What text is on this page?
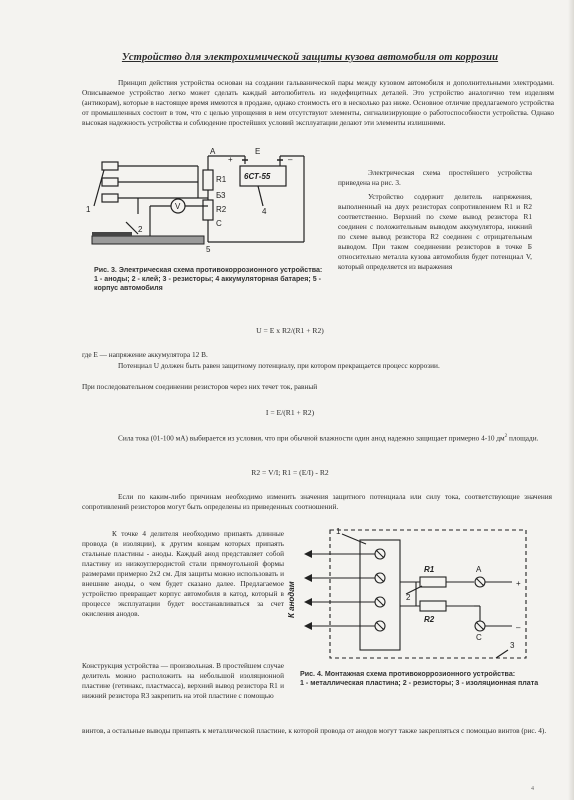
Устройство для электрохимической защиты кузова автомобиля от коррозии
Принцип действия устройства основан на создании гальванической пары между кузовом автомобиля и дополнительными электродами. Описываемое устройство легко может сделать каждый автолюбитель из недефицитных деталей. Это устройство аналогично тем изделиям (антикорам), которые в настоящее время имеются в продаже, однако стоимость его в несколько раз ниже. Основное отличие предлагаемого устройства от промышленных состоит в том, что с целью упрощения в нем отсутствуют элементы, сигнализирующие о работоспособности устройства. Однако высокая надежность устройства и соблюдение простейших условий эксплуатации делают эти элементы излишними.
А
R1
Б 3
R2
С
E
+	–
6СТ-55
V
1
2
4
5
Электрическая схема простейшего устройства приведена на рис. 3.
Устройство содержит делитель напряжения, выполненный на двух резисторах сопротивлением R1 и R2 соответственно. Верхний по схеме вывод резистора R1 соединен с положительным выводом аккумулятора, нижний по схеме вывод резистора R2 соединен с отрицательным выводом. При таком соединении резисторов в точке Б относительно металла кузова автомобиля будет потенциал V, который определяется из выражения
Рис. 3. Электрическая схема противокоррозионного устройства:
1 - аноды; 2 - клей; 3 - резисторы; 4 аккумуляторная батарея; 5 - корпус автомобиля
U = E x R2/(R1 + R2)
где E — напряжение аккумулятора 12 В.
Потенциал U должен быть равен защитному потенциалу, при котором прекращается процесс коррозии.
При последовательном соединении резисторов через них течет ток, равный
I = E/(R1 + R2)
Сила тока (01-100 мА) выбирается из условия, что при обычной влажности один анод надежно защищает примерно 4-10 $дм^2$ площади.
R2 = V/I; R1 = (E/I) - R2
Если по каким-либо причинам необходимо изменить значения защитного потенциала или силу тока, соответствующие значения сопротивлений резисторов могут быть определены из приведенных соотношений.
К точке 4 делителя необходимо припаять длинные провода (в изоляции), к другим концам которых припаять стальные пластины - аноды. Каждый анод представляет собой пластину из низкоуглеродистой стали прямоугольной формы размерами примерно 2x2 см. Для защиты можно использовать и внешние аноды, о чем будет сказано далее. Предлагаемое устройство превращает корпус автомобиля в катод, который в процессе эксплуатации будет восстанавливаться за счет окисления анодов.
Конструкция устройства — произвольная. В простейшем случае делитель можно расположить на небольшой изоляционной пластине (гетинакс, пластмасса), верхний вывод резистора R1 и нижний резистора R3 закрепить на этой пластине с помощью
винтов, а остальные выводы припаять к металлической пластине, к которой провода от анодов могут также закрепляться с помощью винтов (рис. 4).
К анодам
R1
R2
A
C
+
–
1
2
3
Рис. 4. Монтажная схема противокоррозионного устройства:
1 - металлическая пластина; 2 - резисторы; 3 - изоляционная плата
4
